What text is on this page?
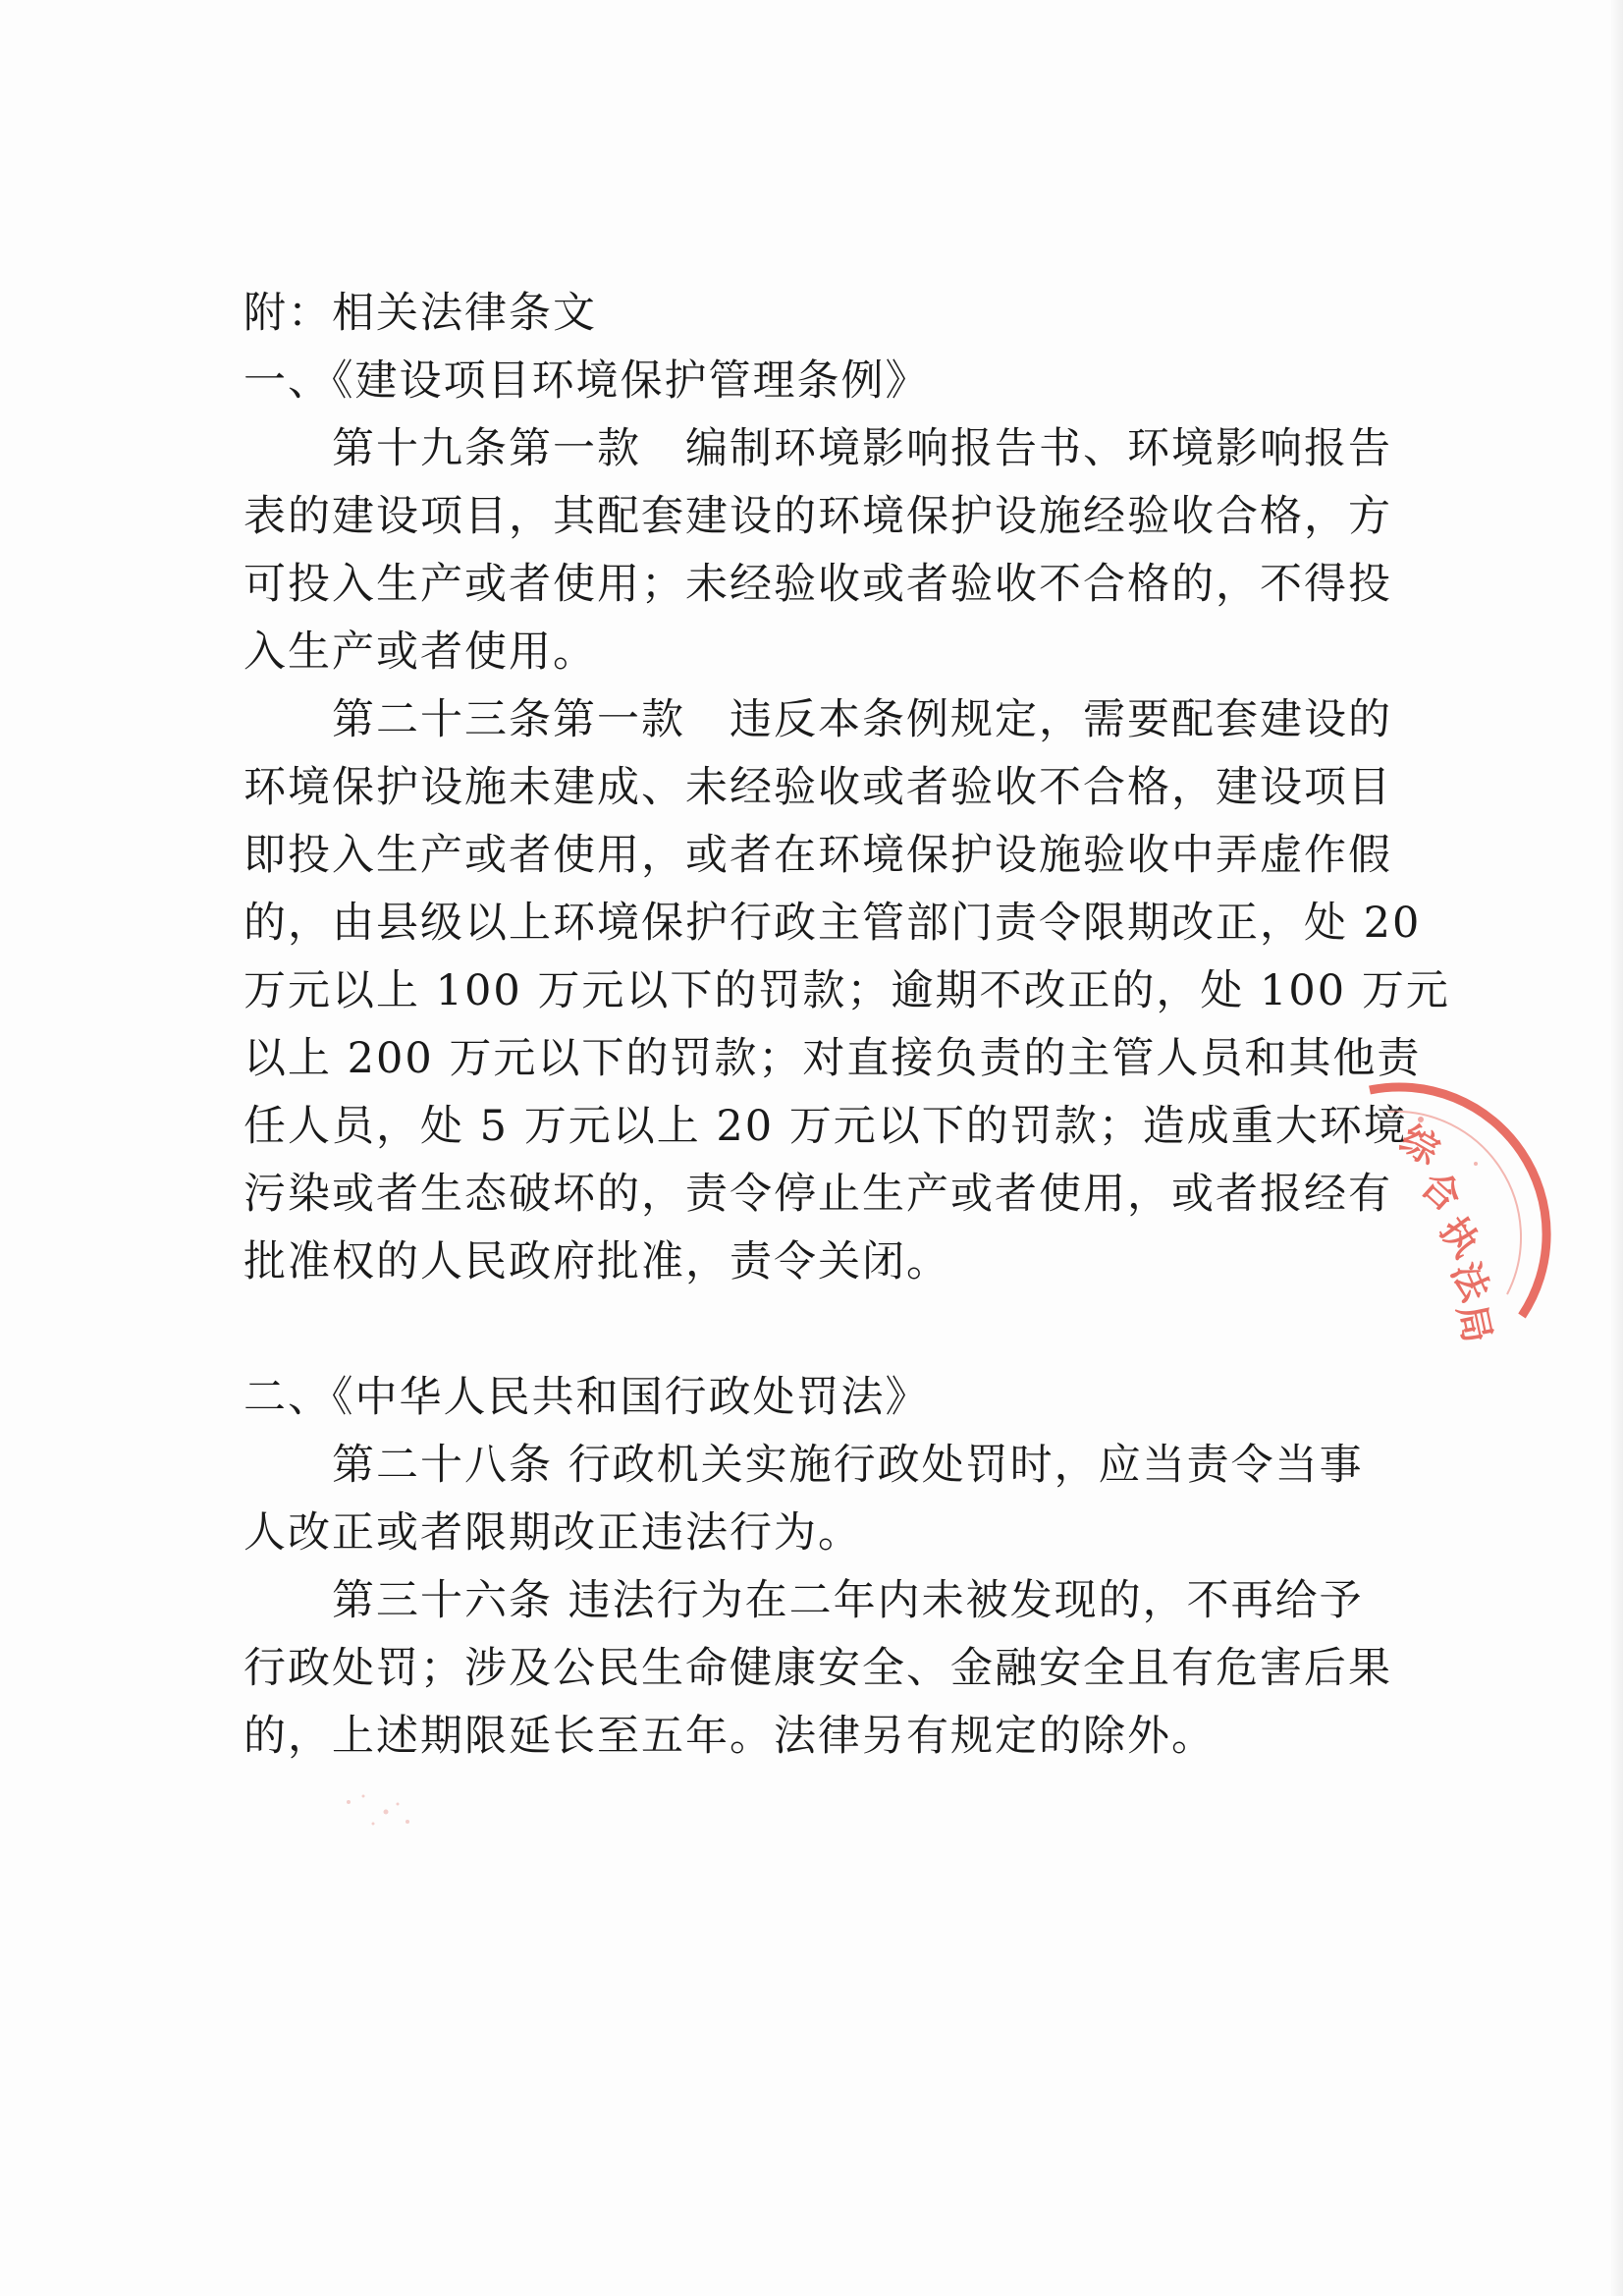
附：相关法律条文
一、《建设项目环境保护管理条例》
第十九条第一款　编制环境影响报告书、环境影响报告
表的建设项目，其配套建设的环境保护设施经验收合格，方
可投入生产或者使用；未经验收或者验收不合格的，不得投
入生产或者使用。
第二十三条第一款　违反本条例规定，需要配套建设的
环境保护设施未建成、未经验收或者验收不合格，建设项目
即投入生产或者使用，或者在环境保护设施验收中弄虚作假
的，由县级以上环境保护行政主管部门责令限期改正，处 20
万元以上 100 万元以下的罚款；逾期不改正的，处 100 万元
以上 200 万元以下的罚款；对直接负责的主管人员和其他责
任人员，处 5 万元以上 20 万元以下的罚款；造成重大环境
污染或者生态破坏的，责令停止生产或者使用，或者报经有
批准权的人民政府批准，责令关闭。
二、《中华人民共和国行政处罚法》
第二十八条 行政机关实施行政处罚时，应当责令当事
人改正或者限期改正违法行为。
第三十六条 违法行为在二年内未被发现的，不再给予
行政处罚；涉及公民生命健康安全、金融安全且有危害后果
的，上述期限延长至五年。法律另有规定的除外。
综
合
执
法
局
